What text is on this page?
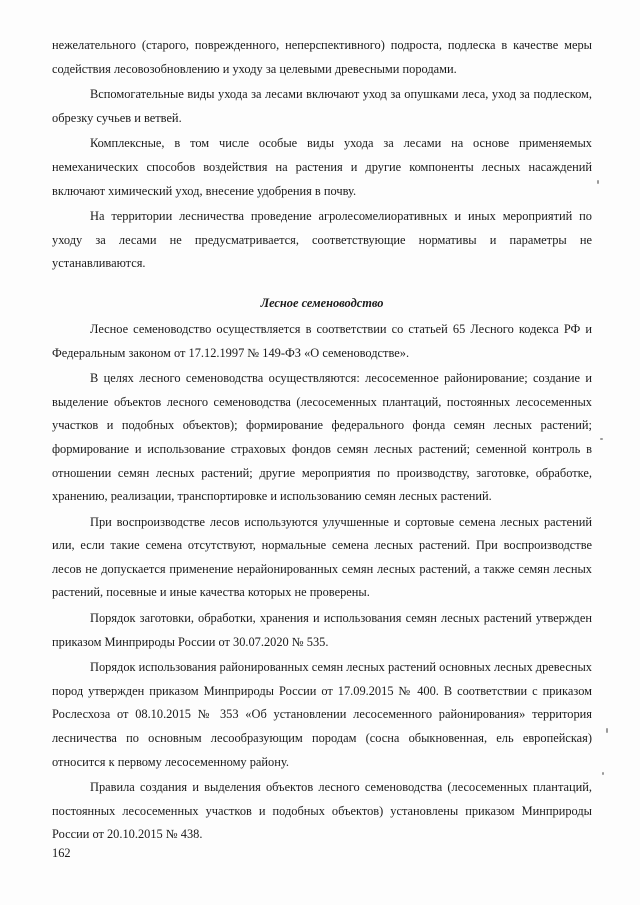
нежелательного (старого, поврежденного, неперспективного) подроста, подлеска в качестве меры содействия лесовозобновлению и уходу за целевыми древесными породами.

Вспомогательные виды ухода за лесами включают уход за опушками леса, уход за подлеском, обрезку сучьев и ветвей.

Комплексные, в том числе особые виды ухода за лесами на основе применяемых немеханических способов воздействия на растения и другие компоненты лесных насаждений включают химический уход, внесение удобрения в почву.

На территории лесничества проведение агролесомелиоративных и иных мероприятий по уходу за лесами не предусматривается, соответствующие нормативы и параметры не устанавливаются.

Лесное семеноводство

Лесное семеноводство осуществляется в соответствии со статьей 65 Лесного кодекса РФ и Федеральным законом от 17.12.1997 № 149-ФЗ «О семеноводстве».

В целях лесного семеноводства осуществляются: лесосеменное районирование; создание и выделение объектов лесного семеноводства (лесосеменных плантаций, постоянных лесосеменных участков и подобных объектов); формирование федерального фонда семян лесных растений; формирование и использование страховых фондов семян лесных растений; семенной контроль в отношении семян лесных растений; другие мероприятия по производству, заготовке, обработке, хранению, реализации, транспортировке и использованию семян лесных растений.

При воспроизводстве лесов используются улучшенные и сортовые семена лесных растений или, если такие семена отсутствуют, нормальные семена лесных растений. При воспроизводстве лесов не допускается применение нерайонированных семян лесных растений, а также семян лесных растений, посевные и иные качества которых не проверены.

Порядок заготовки, обработки, хранения и использования семян лесных растений утвержден приказом Минприроды России от 30.07.2020 № 535.

Порядок использования районированных семян лесных растений основных лесных древесных пород утвержден приказом Минприроды России от 17.09.2015 № 400. В соответствии с приказом Рослесхоза от 08.10.2015 № 353 «Об установлении лесосеменного районирования» территория лесничества по основным лесообразующим породам (сосна обыкновенная, ель европейская) относится к первому лесосеменному району.

Правила создания и выделения объектов лесного семеноводства (лесосеменных плантаций, постоянных лесосеменных участков и подобных объектов) установлены приказом Минприроды России от 20.10.2015 № 438.

162
